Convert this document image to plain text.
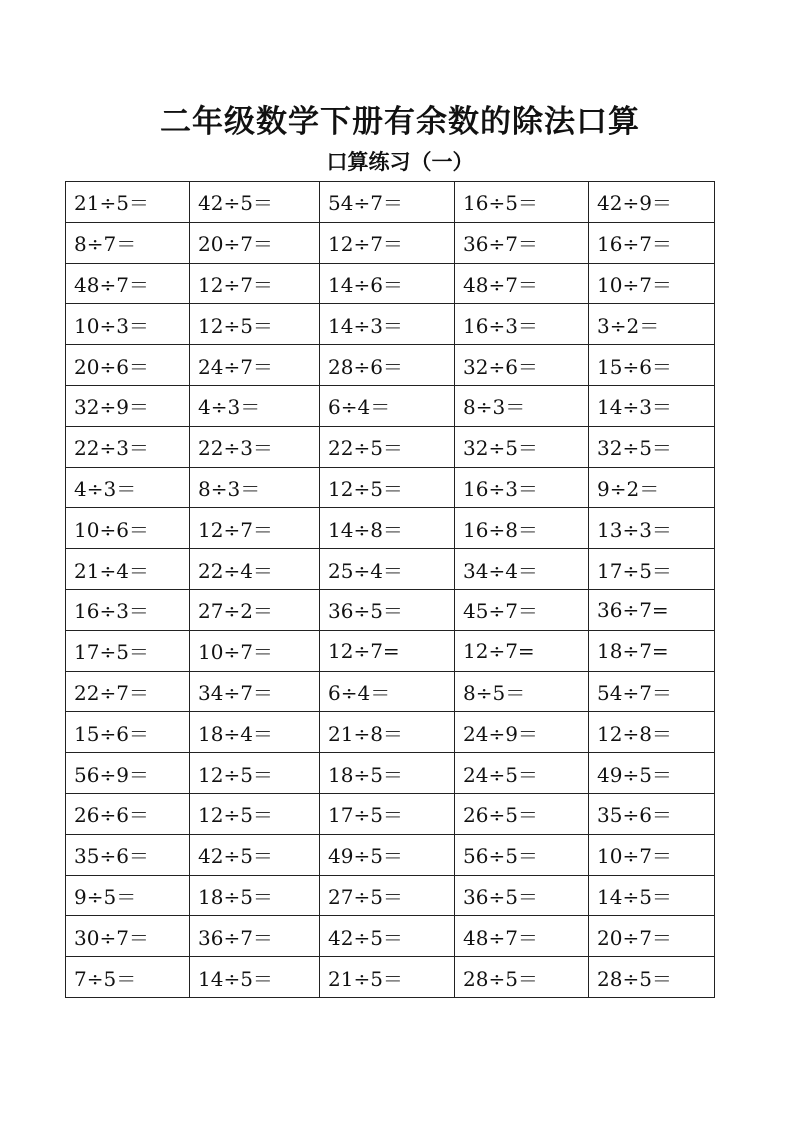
二年级数学下册有余数的除法口算
口算练习（一）
21÷5＝	42÷5＝	54÷7＝	16÷5＝	42÷9＝
8÷7＝	20÷7＝	12÷7＝	36÷7＝	16÷7＝
48÷7＝	12÷7＝	14÷6＝	48÷7＝	10÷7＝
10÷3＝	12÷5＝	14÷3＝	16÷3＝	3÷2＝
20÷6＝	24÷7＝	28÷6＝	32÷6＝	15÷6＝
32÷9＝	4÷3＝	6÷4＝	8÷3＝	14÷3＝
22÷3＝	22÷3＝	22÷5＝	32÷5＝	32÷5＝
4÷3＝	8÷3＝	12÷5＝	16÷3＝	9÷2＝
10÷6＝	12÷7＝	14÷8＝	16÷8＝	13÷3＝
21÷4＝	22÷4＝	25÷4＝	34÷4＝	17÷5＝
16÷3＝	27÷2＝	36÷5＝	45÷7＝	36÷7=
17÷5＝	10÷7＝	12÷7=	12÷7=	18÷7=
22÷7＝	34÷7＝	6÷4＝	8÷5＝	54÷7＝
15÷6＝	18÷4＝	21÷8＝	24÷9＝	12÷8＝
56÷9＝	12÷5＝	18÷5＝	24÷5＝	49÷5＝
26÷6＝	12÷5＝	17÷5＝	26÷5＝	35÷6＝
35÷6＝	42÷5＝	49÷5＝	56÷5＝	10÷7＝
9÷5＝	18÷5＝	27÷5＝	36÷5＝	14÷5＝
30÷7＝	36÷7＝	42÷5＝	48÷7＝	20÷7＝
7÷5＝	14÷5＝	21÷5＝	28÷5＝	28÷5＝
